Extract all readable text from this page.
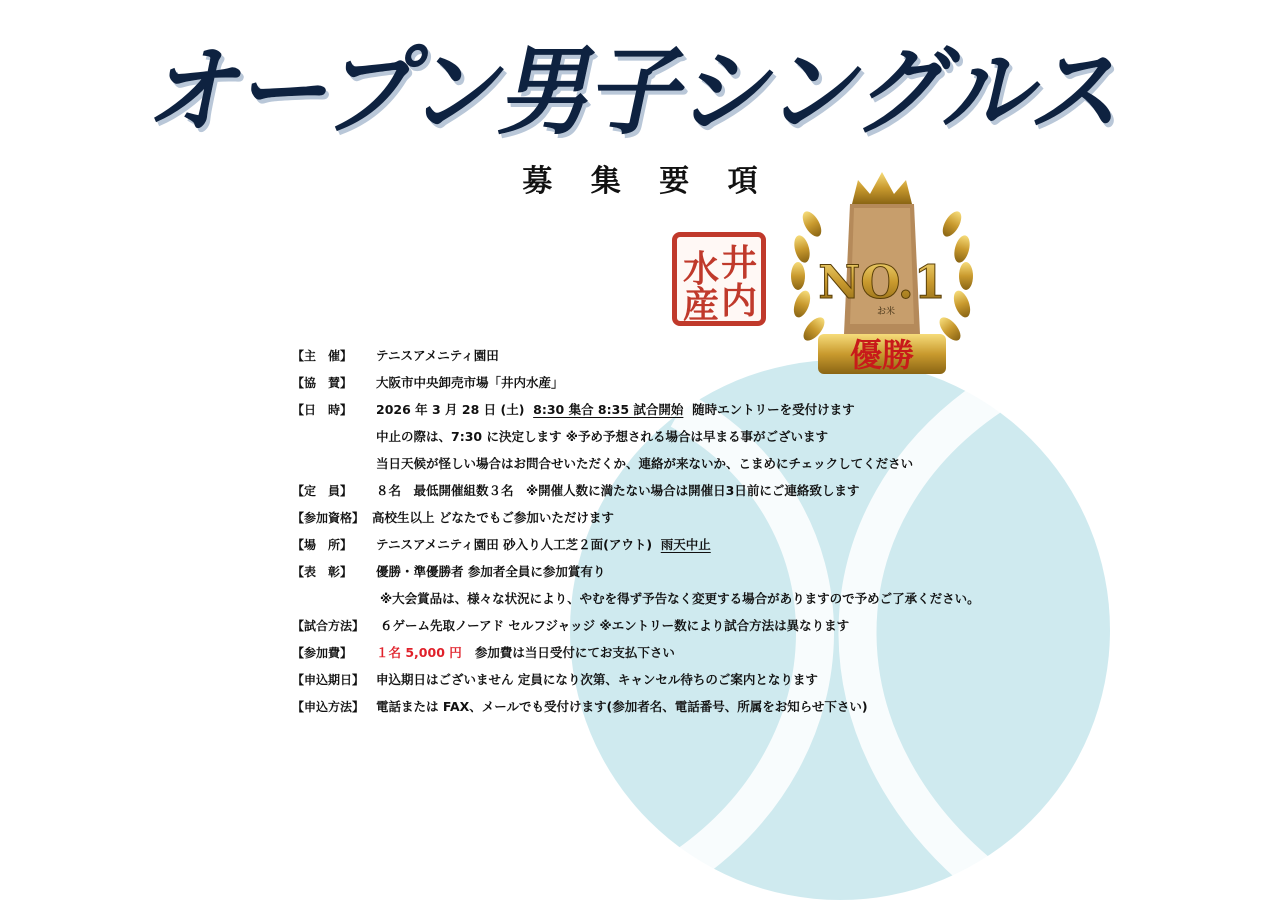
オープン男子シングルス
募 集 要 項
井
水
内
産 NO.1
お米
優勝
【主　催】	テニスアメニティ園田
【協　賛】	大阪市中央卸売市場「井内水産」
【日　時】	2026 年 3 月 28 日 (土) 8:30 集合 8:35 試合開始 随時エントリーを受付けます
中止の際は、7:30 に決定します ※予め予想される場合は早まる事がございます
当日天候が怪しい場合はお問合せいただくか、連絡が来ないか、こまめにチェックしてください
【定　員】	８名　最低開催組数３名　※開催人数に満たない場合は開催日3日前にご連絡致します
【参加資格】 高校生以上 どなたでもご参加いただけます
【場　所】	テニスアメニティ園田 砂入り人工芝２面(アウト) 雨天中止
【表　彰】	優勝・準優勝者 参加者全員に参加賞有り
※大会賞品は、様々な状況により、やむを得ず予告なく変更する場合がありますので予めご了承ください。
【試合方法】 ６ゲーム先取ノーアド セルフジャッジ ※エントリー数により試合方法は異なります
【参加費】	１名 5,000 円 参加費は当日受付にてお支払下さい
【申込期日】 申込期日はございません 定員になり次第、キャンセル待ちのご案内となります
【申込方法】 電話または FAX、メールでも受付けます(参加者名、電話番号、所属をお知らせ下さい)
